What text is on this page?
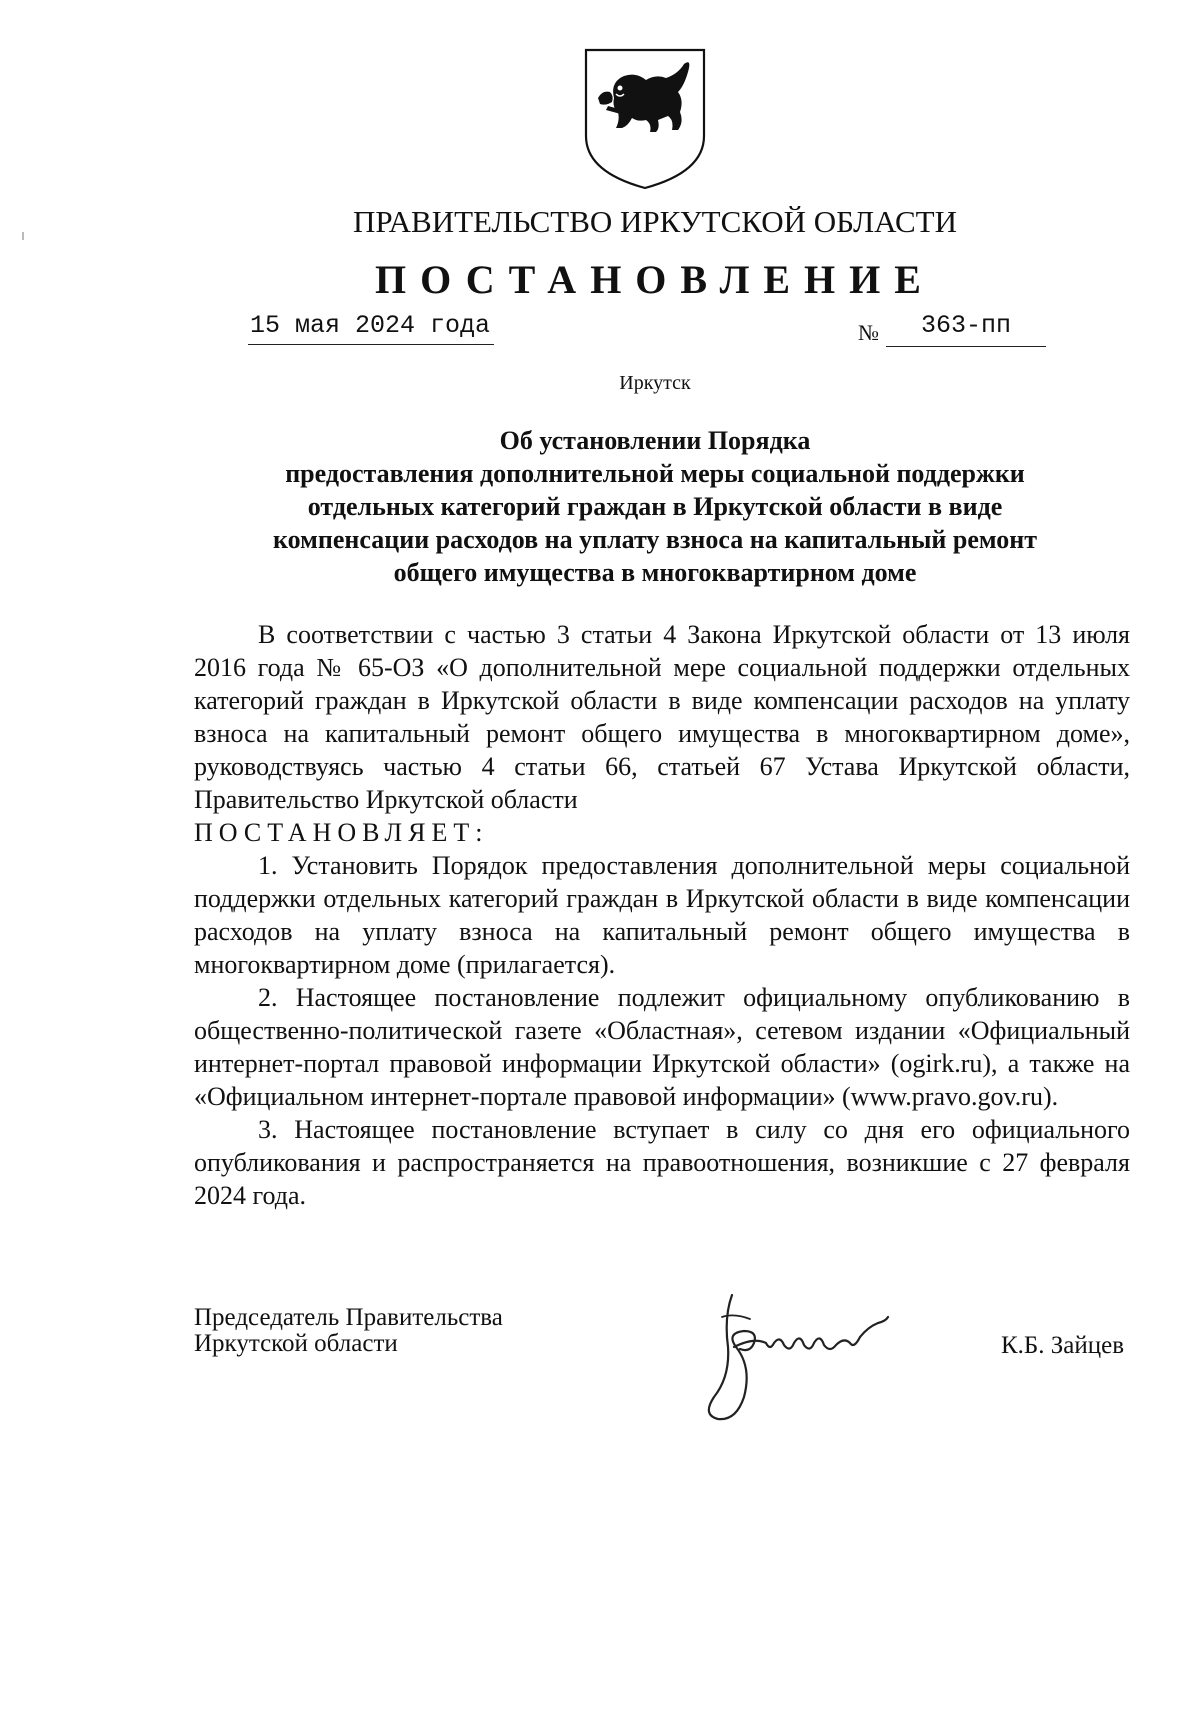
ПРАВИТЕЛЬСТВО ИРКУТСКОЙ ОБЛАСТИ
ПОСТАНОВЛЕНИЕ
15 мая 2024 года	№	363-пп
Иркутск
Об установлении Порядка
предоставления дополнительной меры социальной поддержки
отдельных категорий граждан в Иркутской области в виде
компенсации расходов на уплату взноса на капитальный ремонт
общего имущества в многоквартирном доме

В соответствии с частью 3 статьи 4 Закона Иркутской области от 13 июля 2016 года № 65-ОЗ «О дополнительной мере социальной поддержки отдельных категорий граждан в Иркутской области в виде компенсации расходов на уплату взноса на капитальный ремонт общего имущества в многоквартирном доме», руководствуясь частью 4 статьи 66, статьей 67 Устава Иркутской области, Правительство Иркутской области

ПОСТАНОВЛЯЕТ:

1. Установить Порядок предоставления дополнительной меры социальной поддержки отдельных категорий граждан в Иркутской области в виде компенсации расходов на уплату взноса на капитальный ремонт общего имущества в многоквартирном доме (прилагается).

2. Настоящее постановление подлежит официальному опубликованию в общественно-политической газете «Областная», сетевом издании «Официальный интернет-портал правовой информации Иркутской области» (ogirk.ru), а также на «Официальном интернет-портале правовой информации» (www.pravo.gov.ru).

3. Настоящее постановление вступает в силу со дня его официального опубликования и распространяется на правоотношения, возникшие с 27 февраля 2024 года.

Председатель Правительства
Иркутской области	К.Б. Зайцев
